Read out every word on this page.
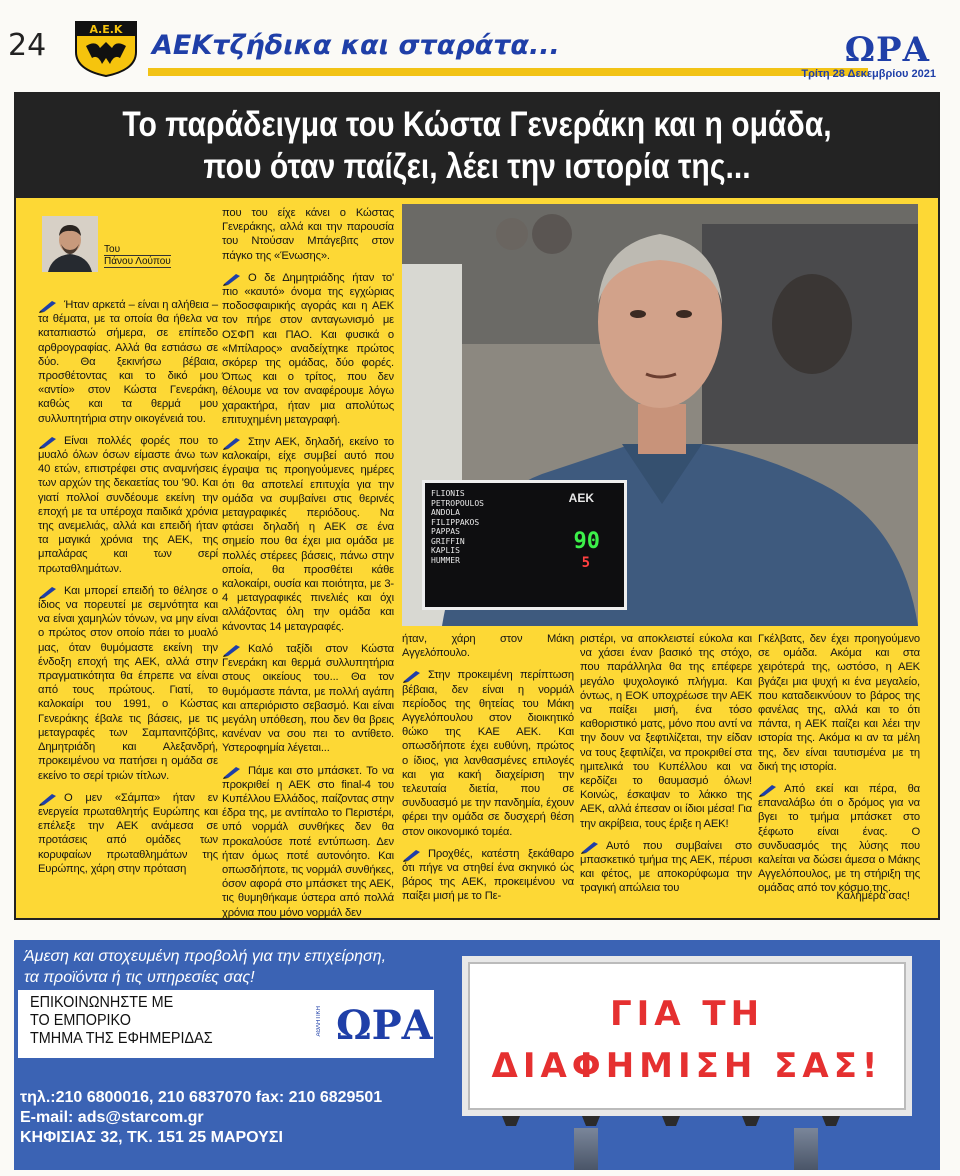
24	Α.Ε.Κ
ΑΕΚτζήδικα και σταράτα...	ΩΡΑ
Τρίτη 28 Δεκεμβρίου 2021
Το παράδειγμα του Κώστα Γενεράκη και η ομάδα,
που όταν παίζει, λέει την ιστορία της...
Του
Πάνου Λούπου

Ήταν αρκετά – είναι η αλήθεια – τα θέματα, με τα οποία θα ήθελα να καταπιαστώ σήμερα, σε επίπεδο αρθρογραφίας. Αλλά θα εστιάσω σε δύο. Θα ξεκινήσω βέβαια, προσθέτοντας και το δικό μου «αντίο» στον Κώστα Γενεράκη, καθώς και τα θερμά μου συλλυπητήρια στην οικογένειά του.

Είναι πολλές φορές που το μυαλό όλων όσων είμαστε άνω των 40 ετών, επιστρέφει στις αναμνήσεις των αρχών της δεκαετίας του '90. Και γιατί πολλοί συνδέουμε εκείνη την εποχή με τα υπέροχα παιδικά χρόνια της ανεμελιάς, αλλά και επειδή ήταν τα μαγικά χρόνια της ΑΕΚ, της μπαλάρας και των σερί πρωταθλημάτων.

Και μπορεί επειδή το θέλησε ο ίδιος να πορευτεί με σεμνότητα και να είναι χαμηλών τόνων, να μην είναι ο πρώτος στον οποίο πάει το μυαλό μας, όταν θυμόμαστε εκείνη την ένδοξη εποχή της ΑΕΚ, αλλά στην πραγματικότητα θα έπρεπε να είναι από τους πρώτους. Γιατί, το καλοκαίρι του 1991, ο Κώστας Γενεράκης έβαλε τις βάσεις, με τις μεταγραφές των Σαμπανιτζόβιτς, Δημητριάδη και Αλεξανδρή, προκειμένου να πατήσει η ομάδα σε εκείνο το σερί τριών τίτλων.

Ο μεν «Σάμπα» ήταν εν ενεργεία πρωταθλητής Ευρώπης και επέλεξε την ΑΕΚ ανάμεσα σε προτάσεις από ομάδες των κορυφαίων πρωταθλημάτων της Ευρώπης, χάρη στην πρόταση

που του είχε κάνει ο Κώστας Γενεράκης, αλλά και την παρουσία του Ντούσαν Μπάγεβιτς στον πάγκο της «Ένωσης».

Ο δε Δημητριάδης ήταν το' πιο «καυτό» όνομα της εγχώριας ποδοσφαιρικής αγοράς και η ΑΕΚ τον πήρε στον ανταγωνισμό με ΟΣΦΠ και ΠΑΟ. Και φυσικά ο «Μπίλαρος» αναδείχτηκε πρώτος σκόρερ της ομάδας, δύο φορές. Όπως και ο τρίτος, που δεν θέλουμε να τον αναφέρουμε λόγω χαρακτήρα, ήταν μια απολύτως επιτυχημένη μεταγραφή.

Στην ΑΕΚ, δηλαδή, εκείνο το καλοκαίρι, είχε συμβεί αυτό που έγραψα τις προηγούμενες ημέρες ότι θα αποτελεί επιτυχία για την ομάδα να συμβαίνει στις θερινές μεταγραφικές περιόδους. Να φτάσει δηλαδή η ΑΕΚ σε ένα σημείο που θα έχει μια ομάδα με πολλές στέρεες βάσεις, πάνω στην οποία, θα προσθέτει κάθε καλοκαίρι, ουσία και ποιότητα, με 3-4 μεταγραφικές πινελιές και όχι αλλάζοντας όλη την ομάδα και κάνοντας 14 μεταγραφές.

Καλό ταξίδι στον Κώστα Γενεράκη και θερμά συλλυπητήρια στους οικείους του... Θα τον θυμόμαστε πάντα, με πολλή αγάπη και απεριόριστο σεβασμό. Και είναι μεγάλη υπόθεση, που δεν θα βρεις κανέναν να σου πει το αντίθετο. Υστεροφημία λέγεται...

Πάμε και στο μπάσκετ. Το να προκριθεί η ΑΕΚ στο final-4 του Κυπέλλου Ελλάδος, παίζοντας στην έδρα της, με αντίπαλο το Περιστέρι, υπό νορμάλ συνθήκες δεν θα προκαλούσε ποτέ εντύπωση. Δεν ήταν όμως ποτέ αυτονόητο. Και οπωσδήποτε, τις νορμάλ συνθήκες, όσον αφορά στο μπάσκετ της ΑΕΚ, τις θυμηθήκαμε ύστερα από πολλά χρόνια που μόνο νορμάλ δεν

FLIONIS
PETROPOULOS
ANDOLA
FILIPPAKOS
PAPPAS
GRIFFIN
KAPLIS
HUMMER
ΑΕΚ
90
5

ήταν, χάρη στον Μάκη Αγγελόπουλο.

Στην προκειμένη περίπτωση βέβαια, δεν είναι η νορμάλ περίοδος της θητείας του Μάκη Αγγελόπουλου στον διοικητικό θώκο της ΚΑΕ ΑΕΚ. Και οπωσδήποτε έχει ευθύνη, πρώτος ο ίδιος, για λανθασμένες επιλογές και για κακή διαχείριση την τελευταία διετία, που σε συνδυασμό με την πανδημία, έχουν φέρει την ομάδα σε δυσχερή θέση στον οικονομικό τομέα.

Προχθές, κατέστη ξεκάθαρο ότι πήγε να στηθεί ένα σκηνικό ώς βάρος της ΑΕΚ, προκειμένου να παίξει μισή με το Πε-

ριστέρι, να αποκλειστεί εύκολα και να χάσει έναν βασικό της στόχο, που παράλληλα θα της επέφερε μεγάλο ψυχολογικό πλήγμα. Και όντως, η ΕΟΚ υποχρέωσε την ΑΕΚ να παίξει μισή, ένα τόσο καθοριστικό ματς, μόνο που αντί να την δουν να ξεφτιλίζεται, την είδαν να τους ξεφτιλίζει, να προκριθεί στα ημιτελικά του Κυπέλλου και να κερδίζει το θαυμασμό όλων! Κοινώς, έσκαψαν το λάκκο της ΑΕΚ, αλλά έπεσαν οι ίδιοι μέσα! Για την ακρίβεια, τους έριξε η ΑΕΚ!

Αυτό που συμβαίνει στο μπασκετικό τμήμα της ΑΕΚ, πέρυσι και φέτος, με αποκορύφωμα την τραγική απώλεια του

Γκέλβατς, δεν έχει προηγούμενο σε ομάδα. Ακόμα και στα χειρότερά της, ωστόσο, η ΑΕΚ βγάζει μια ψυχή κι ένα μεγαλείο, που καταδεικνύουν το βάρος της φανέλας της, αλλά και το ότι πάντα, η ΑΕΚ παίζει και λέει την ιστορία της. Ακόμα κι αν τα μέλη της, δεν είναι ταυτισμένα με τη δική της ιστορία.

Από εκεί και πέρα, θα επαναλάβω ότι ο δρόμος για να βγει το τμήμα μπάσκετ στο ξέφωτο είναι ένας. Ο συνδυασμός της λύσης που καλείται να δώσει άμεσα ο Μάκης Αγγελόπουλος, με τη στήριξη της ομάδας από τον κόσμο της.

Καλημέρα σας!
Άμεση και στοχευμένη προβολή για την επιχείρηση,
τα προϊόντα ή τις υπηρεσίες σας!
ΕΠΙΚΟΙΝΩΝΗΣΤΕ ΜΕ
ΤΟ ΕΜΠΟΡΙΚΟ
ΤΜΗΜΑ ΤΗΣ ΕΦΗΜΕΡΙΔΑΣ
ΑΘΛΗΤΙΚΗ ΩΡΑ
τηλ.:210 6800016, 210 6837070 fax: 210 6829501
E-mail: ads@starcom.gr
ΚΗΦΙΣΙΑΣ 32, ΤΚ. 151 25 ΜΑΡΟΥΣΙ
ΓΙΑ ΤΗ
ΔΙΑΦΗΜΙΣΗ ΣΑΣ!
